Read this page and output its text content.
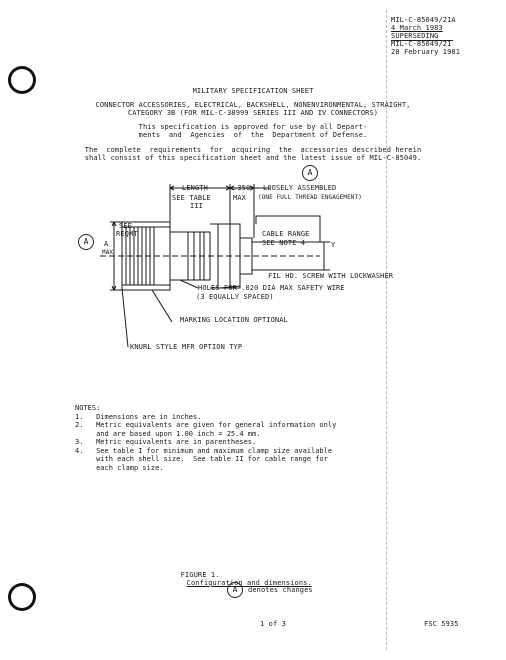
MIL-C-85049/21A
4 March 1983
SUPERSEDING
MIL-C-85049/21
20 February 1981
MILITARY SPECIFICATION SHEET
CONNECTOR ACCESSORIES, ELECTRICAL, BACKSHELL, NONENVIRONMENTAL, STRAIGHT,
CATEGORY 3B (FOR MIL-C-38999 SERIES III AND IV CONNECTORS)
This specification is approved for use by all Depart-
ments  and  Agencies  of  the  Department of Defense.
The  complete  requirements  for  acquiring  the  accessories described herein
shall consist of this specification sheet and the latest issue of MIL-C-85049.
A
LENGTH
SEE TABLE
III
.350
MAX
LOOSELY ASSEMBLED
(ONE FULL THREAD ENGAGEMENT)
SEE
REQMT
A	A
MAX
CABLE RANGE
SEE NOTE 4	Y
FIL HD. SCREW WITH LOCKWASHER
HOLES FOR .020 DIA MAX SAFETY WIRE
(3 EQUALLY SPACED)
MARKING LOCATION OPTIONAL
KNURL STYLE MFR OPTION TYP
NOTES:
1.   Dimensions are in inches.
2.   Metric equivalents are given for general information only
and are based upon 1.00 inch = 25.4 mm.
3.   Metric equivalents are in parentheses.
4.   See table I for minimum and maximum clamp size available
with each shell size.  See table II for cable range for
each clamp size.

FIGURE 1.
Configuration and dimensions.

A	denotes changes
1 of 3	FSC 5935
